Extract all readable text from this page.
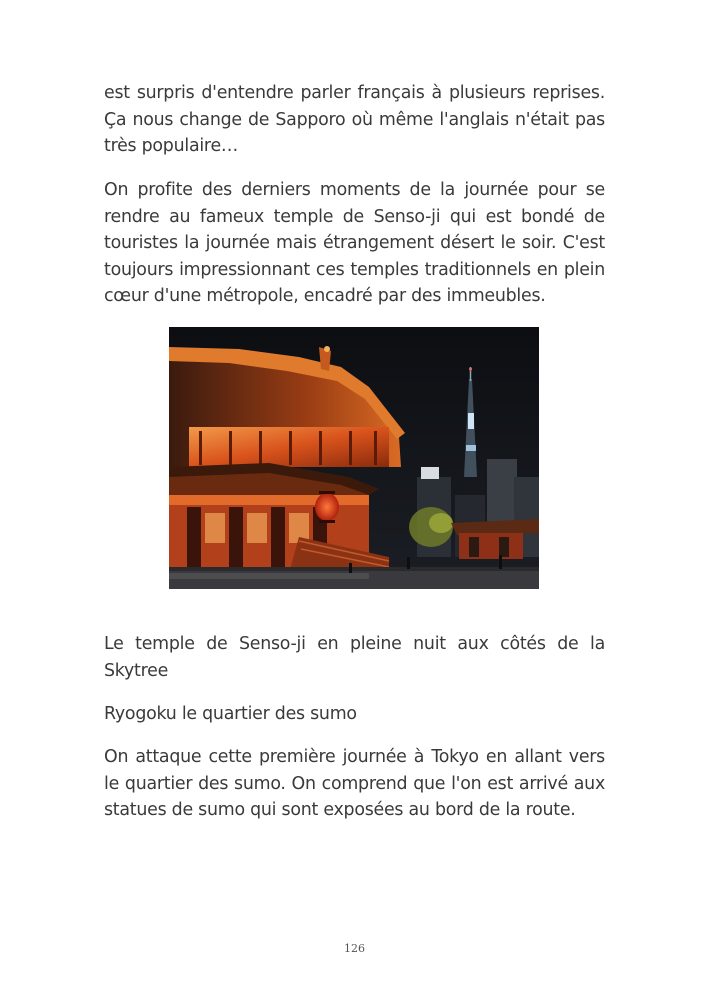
est surpris d'entendre parler français à plusieurs reprises. Ça nous change de Sapporo où même l'anglais n'était pas très populaire…

On profite des derniers moments de la journée pour se rendre au fameux temple de Senso-ji qui est bondé de touristes la journée mais étrangement désert le soir. C'est toujours impressionnant ces temples traditionnels en plein cœur d'une métropole, encadré par des immeubles.

Le temple de Senso-ji en pleine nuit aux côtés de la Skytree

Ryogoku le quartier des sumo

On attaque cette première journée à Tokyo en allant vers le quartier des sumo. On comprend que l'on est arrivé aux statues de sumo qui sont exposées au bord de la route.

126
